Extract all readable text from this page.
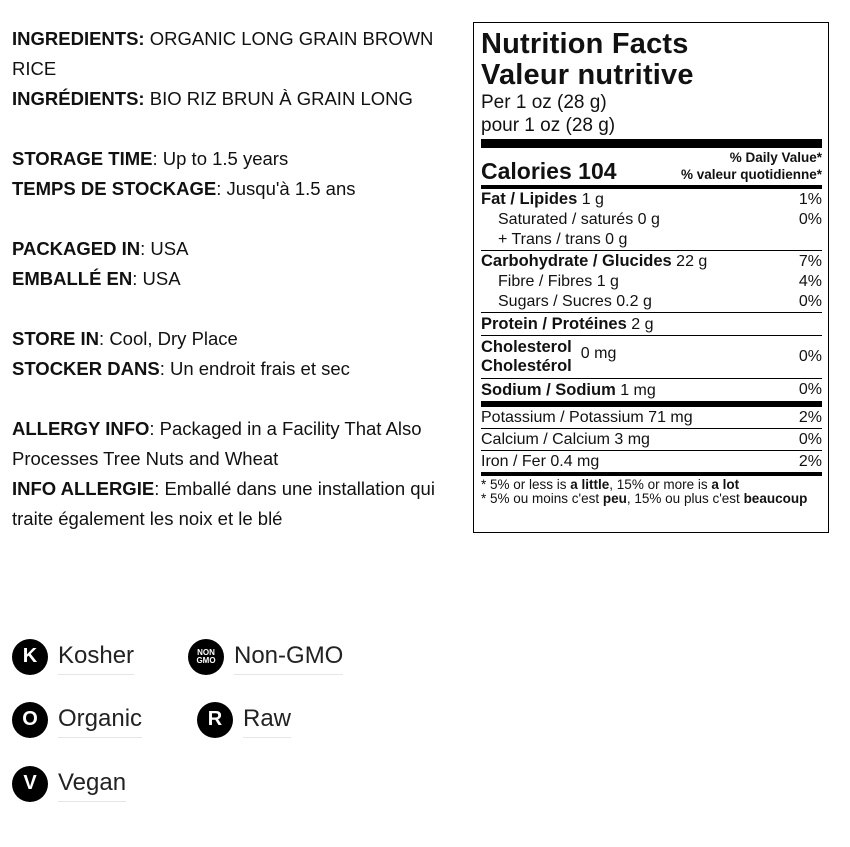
INGREDIENTS: ORGANIC LONG GRAIN BROWN RICE

INGRÉDIENTS: BIO RIZ BRUN À GRAIN LONG

STORAGE TIME: Up to 1.5 years

TEMPS DE STOCKAGE: Jusqu'à 1.5 ans

PACKAGED IN: USA

EMBALLÉ EN: USA

STORE IN: Cool, Dry Place

STOCKER DANS: Un endroit frais et sec

ALLERGY INFO: Packaged in a Facility That Also Processes Tree Nuts and Wheat

INFO ALLERGIE: Emballé dans une installation qui traite également les noix et le blé

Nutrition Facts
Valeur nutritive
Per 1 oz (28 g)
pour 1 oz (28 g)
Calories 104
% Daily Value*
% valeur quotidienne*
Fat / Lipides 1 g	1%
Saturated / saturés 0 g	0%
+ Trans / trans 0 g
Carbohydrate / Glucides 22 g	7%
Fibre / Fibres 1 g	4%
Sugars / Sucres 0.2 g	0%
Protein / Protéines 2 g
Cholesterol
Cholestérol
0 mg	0%
Sodium / Sodium 1 mg	0%
Potassium / Potassium 71 mg	2%
Calcium / Calcium 3 mg	0%
Iron / Fer 0.4 mg	2%
* 5% or less is a little, 15% or more is a lot
* 5% ou moins c'est peu, 15% ou plus c'est beaucoup
K Kosher	NON
GMO Non-GMO
O Organic	R Raw
V Vegan
